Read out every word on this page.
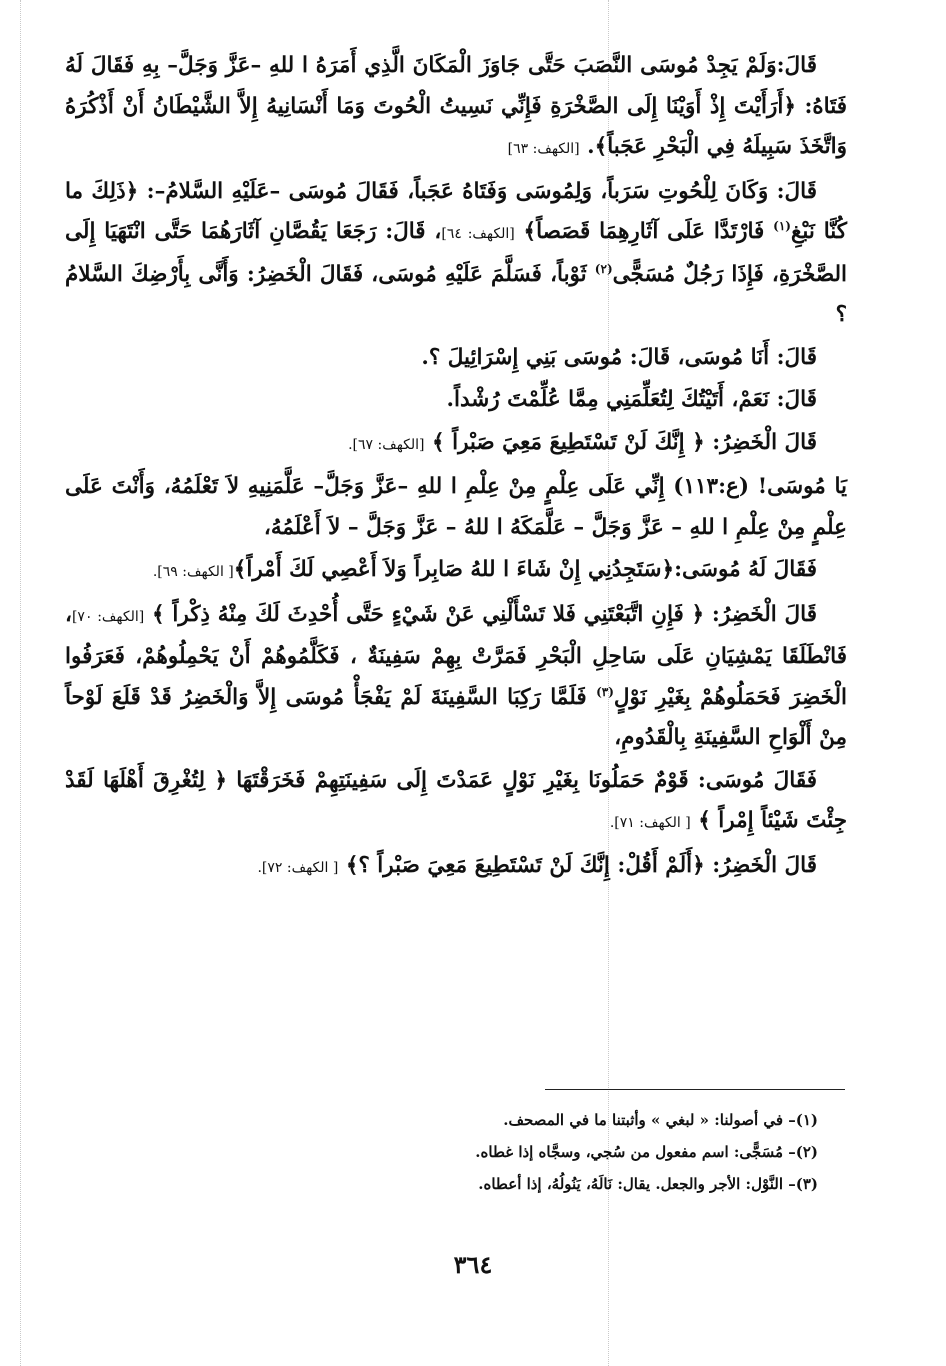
قَالَ:وَلَمْ يَجِدْ مُوسَى النَّصَبَ حَتَّى جَاوَزَ الْمَكَانَ الَّذِي أَمَرَهُ ا للهِ –عَزَّ وَجَلَّ– بِهِ فَقَالَ لَهُ فَتَاهُ: ﴿أَرَأَيْتَ إِذْ أَوَيْنَا إِلَى الصَّخْرَةِ فَإِنِّي نَسِيتُ الْحُوتَ وَمَا أَنْسَانِيهُ إِلاَّ الشَّيْطَانُ أَنْ أَذْكُرَهُ وَاتَّخَذَ سَبِيلَهُ فِي الْبَحْرِ عَجَباً﴾. [الكهف: ٦٣]

قَالَ: وَكَانَ لِلْحُوتِ سَرَباً، وَلِمُوسَى وَفَتَاهُ عَجَباً، فَقَالَ مُوسَى –عَلَيْهِ السَّلامُ–: ﴿ذَلِكَ ما كُنَّا نَبْغِ$^{(١)}$ فَارْتَدَّا عَلَى آثَارِهِمَا قَصَصاً﴾ [الكهف: ٦٤]، قَالَ: رَجَعَا يَقُصَّانِ آثَارَهُمَا حَتَّى انْتَهَيَا إِلَى الصَّخْرَةِ، فَإِذَا رَجُلٌ مُسَجًّى$^{(٢)}$ ثَوْباً، فَسَلَّمَ عَلَيْهِ مُوسَى، فَقَالَ الْخَضِرُ: وَأَنَّى بِأَرْضِكَ السَّلامُ ؟

قَالَ: أَنَا مُوسَى، قَالَ: مُوسَى بَنِي إِسْرَائِيلَ ؟.

قَالَ: نَعَمْ، أَتَيْتُكَ لِتُعَلِّمَنِي مِمَّا عُلِّمْتَ رُشْداً.

قَالَ الْخَضِرُ: ﴿ إِنَّكَ لَنْ تَسْتَطِيعَ مَعِيَ صَبْراً ﴾ [الكهف: ٦٧].

يَا مُوسَى! (ع:١١٣) إِنِّي عَلَى عِلْمٍ مِنْ عِلْمِ ا للهِ –عَزَّ وَجَلَّ– عَلَّمَنِيهِ لاَ تَعْلَمُهُ، وَأَنْتَ عَلَى عِلْمٍ مِنْ عِلْمِ ا للهِ – عَزَّ وَجَلَّ – عَلَّمَكَهُ ا للهُ – عَزَّ وَجَلَّ – لاَ أَعْلَمُهُ،

فَقَالَ لَهُ مُوسَى:﴿سَتَجِدُنِي إِنْ شَاءَ ا للهُ صَابِراً وَلاَ أَعْصِي لَكَ أَمْراً﴾[ الكهف: ٦٩].

قَالَ الْخَضِرُ: ﴿ فَإِنِ اتَّبَعْتَنِي فَلا تَسْأَلْنِي عَنْ شَيْءٍ حَتَّى أُحْدِثَ لَكَ مِنْهُ ذِكْراً ﴾ [الكهف: ٧٠]، فَانْطَلَقَا يَمْشِيَانِ عَلَى سَاحِلِ الْبَحْرِ فَمَرَّتْ بِهِمْ سَفِينَةٌ ، فَكَلَّمُوهُمْ أَنْ يَحْمِلُوهُمْ، فَعَرَفُوا الْخَضِرَ فَحَمَلُوهُمْ بِغَيْرِ نَوْلٍ$^{(٣)}$ فَلَمَّا رَكِبَا السَّفِينَةَ لَمْ يَفْجَأْ مُوسَى إِلاَّ وَالْخَضِرُ قَدْ قَلَعَ لَوْحاً مِنْ أَلْوَاحِ السَّفِينَةِ بِالْقَدُومِ،

فَقَالَ مُوسَى: قَوْمٌ حَمَلُونَا بِغَيْرِ نَوْلٍ عَمَدْتَ إِلَى سَفِينَتِهِمْ فَخَرَقْتَهَا ﴿ لِتُغْرِقَ أَهْلَهَا لَقَدْ جِئْتَ شَيْئاً إِمْراً ﴾ [ الكهف: ٧١].

قَالَ الْخَضِرُ: ﴿أَلَمْ أَقُلْ: إِنَّكَ لَنْ تَسْتَطِيعَ مَعِيَ صَبْراً ؟﴾ [ الكهف: ٧٢].

(١)– في أصولنا: « لبغي » وأثبتنا ما في المصحف.

(٢)– مُسَجًّى: اسم مفعول من سُجي، وسجَّاه إذا غطاه.

(٣)– النَّوْل: الأجر والجعل. يقال: نَالَهُ، يَنُولُهُ، إذا أعطاه.

٣٦٤
